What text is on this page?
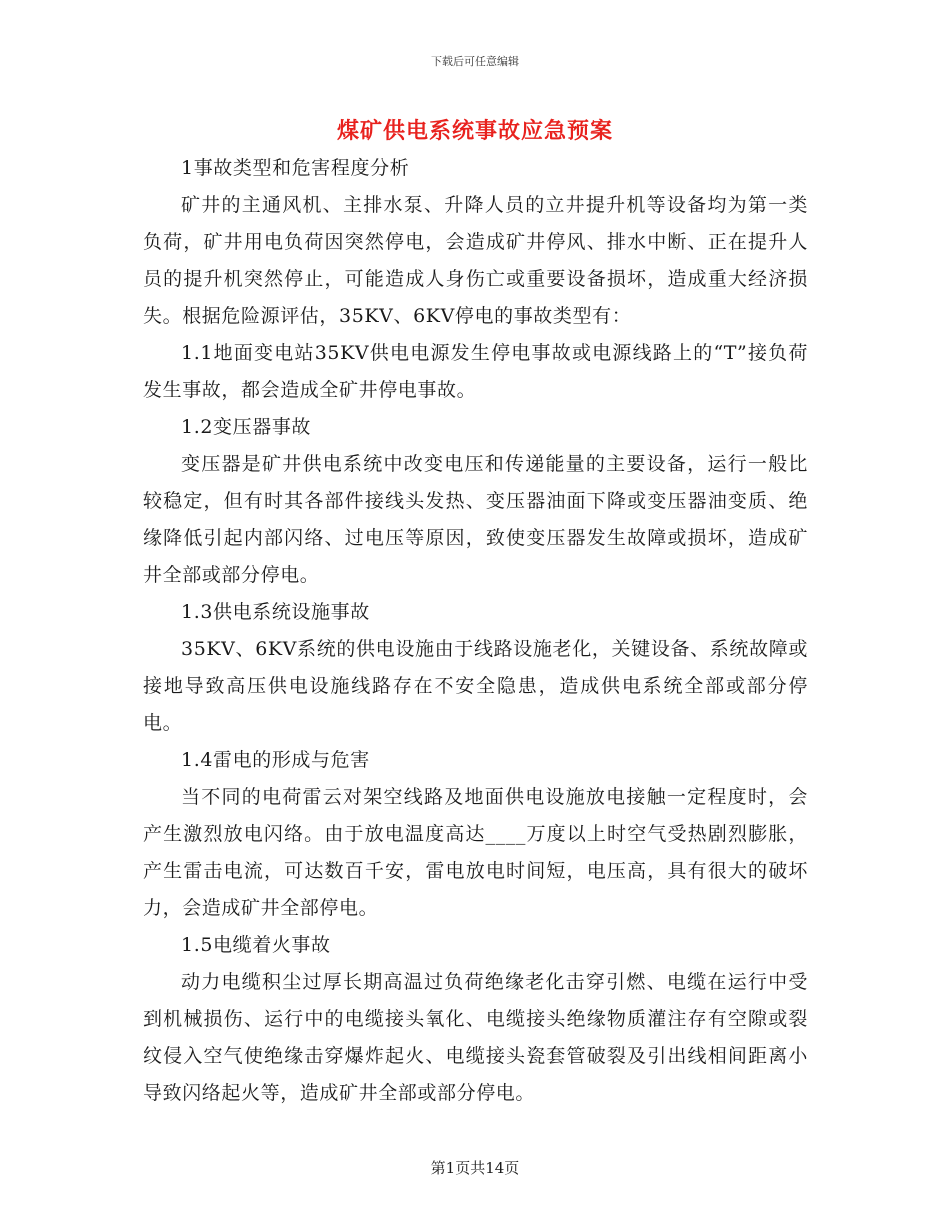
下载后可任意编辑
煤矿供电系统事故应急预案

1事故类型和危害程度分析

矿井的主通风机、主排水泵、升降人员的立井提升机等设备均为第一类负荷，矿井用电负荷因突然停电，会造成矿井停风、排水中断、正在提升人员的提升机突然停止，可能造成人身伤亡或重要设备损坏，造成重大经济损失。根据危险源评估，35KV、6KV停电的事故类型有：

1.1地面变电站35KV供电电源发生停电事故或电源线路上的“T”接负荷发生事故，都会造成全矿井停电事故。

1.2变压器事故

变压器是矿井供电系统中改变电压和传递能量的主要设备，运行一般比较稳定，但有时其各部件接线头发热、变压器油面下降或变压器油变质、绝缘降低引起内部闪络、过电压等原因，致使变压器发生故障或损坏，造成矿井全部或部分停电。

1.3供电系统设施事故

35KV、6KV系统的供电设施由于线路设施老化，关键设备、系统故障或接地导致高压供电设施线路存在不安全隐患，造成供电系统全部或部分停电。

1.4雷电的形成与危害

当不同的电荷雷云对架空线路及地面供电设施放电接触一定程度时，会产生激烈放电闪络。由于放电温度高达____万度以上时空气受热剧烈膨胀，产生雷击电流，可达数百千安，雷电放电时间短，电压高，具有很大的破坏力，会造成矿井全部停电。

1.5电缆着火事故

动力电缆积尘过厚长期高温过负荷绝缘老化击穿引燃、电缆在运行中受到机械损伤、运行中的电缆接头氧化、电缆接头绝缘物质灌注存有空隙或裂纹侵入空气使绝缘击穿爆炸起火、电缆接头瓷套管破裂及引出线相间距离小导致闪络起火等，造成矿井全部或部分停电。

第1页共14页
